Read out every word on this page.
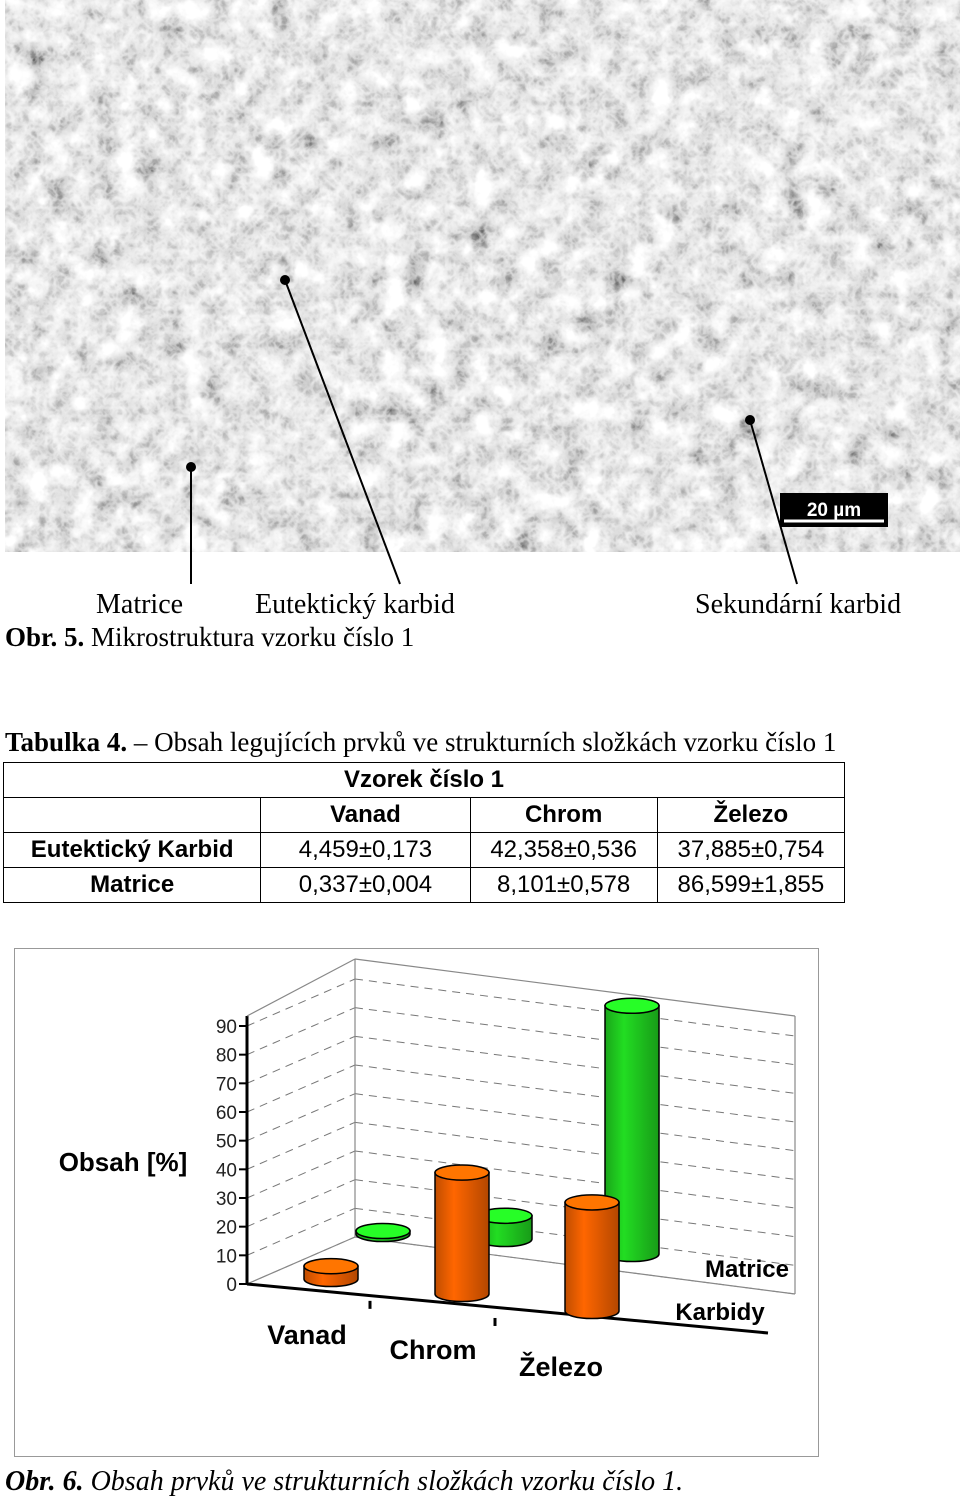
20 µm
Matrice	Eutektický karbid	Sekundární karbid
Obr. 5. Mikrostruktura vzorku číslo 1
Tabulka 4. – Obsah legujících prvků ve strukturních složkách vzorku číslo 1
Vzorek číslo 1			
	Vanad	Chrom	Železo
Eutektický Karbid	4,459±0,173	42,358±0,536	37,885±0,754
Matrice	0,337±0,004	8,101±0,578	86,599±1,855
0
10
20
30
40
50
60
70
80
90
Obsah [%]
Vanad Chrom
Železo
Matrice
Karbidy
Obr. 6. Obsah prvků ve strukturních složkách vzorku číslo 1.
